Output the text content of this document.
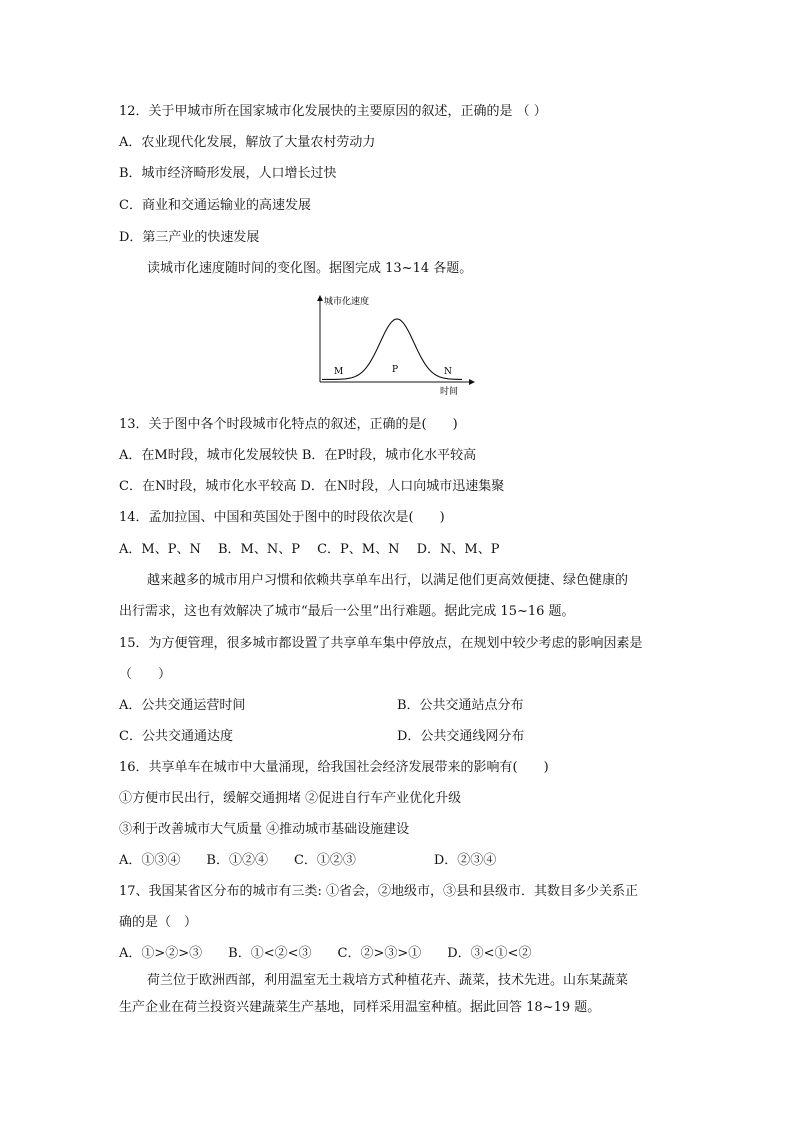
12．关于甲城市所在国家城市化发展快的主要原因的叙述，正确的是 （ ）
A．农业现代化发展，解放了大量农村劳动力
B．城市经济畸形发展，人口增长过快
C．商业和交通运输业的高速发展
D．第三产业的快速发展
读城市化速度随时间的变化图。据图完成 13~14 各题。
城市化速度
时间
M	P	N
13．关于图中各个时段城市化特点的叙述，正确的是(　　)
A．在M时段，城市化发展较快 B．在P时段，城市化水平较高
C．在N时段，城市化水平较高 D．在N时段，人口向城市迅速集聚
14．孟加拉国、中国和英国处于图中的时段依次是(　　)
A．M、P、N　 B．M、N、P　 C．P、M、N　 D．N、M、P
越来越多的城市用户习惯和依赖共享单车出行，以满足他们更高效便捷、绿色健康的
出行需求，这也有效解决了城市“最后一公里”出行难题。据此完成 15~16 题。
15．为方便管理，很多城市都设置了共享单车集中停放点，在规划中较少考虑的影响因素是
（　　）
A．公共交通运营时间	B．公共交通站点分布
C．公共交通通达度	D．公共交通线网分布
16．共享单车在城市中大量涌现，给我国社会经济发展带来的影响有(　　)
①方便市民出行，缓解交通拥堵 ②促进自行车产业优化升级
③利于改善城市大气质量 ④推动城市基础设施建设
A．①③④　　B．①②④　　C．①②③　　　　　　D．②③④
17、我国某省区分布的城市有三类: ①省会，②地级市，③县和县级市．其数目多少关系正
确的是（　）
A．①>②>③　　B．①<②<③　　C．②>③>①　　D．③<①<②
荷兰位于欧洲西部，利用温室无土栽培方式种植花卉、蔬菜，技术先进。山东某蔬菜
生产企业在荷兰投资兴建蔬菜生产基地，同样采用温室种植。据此回答 18~19 题。
